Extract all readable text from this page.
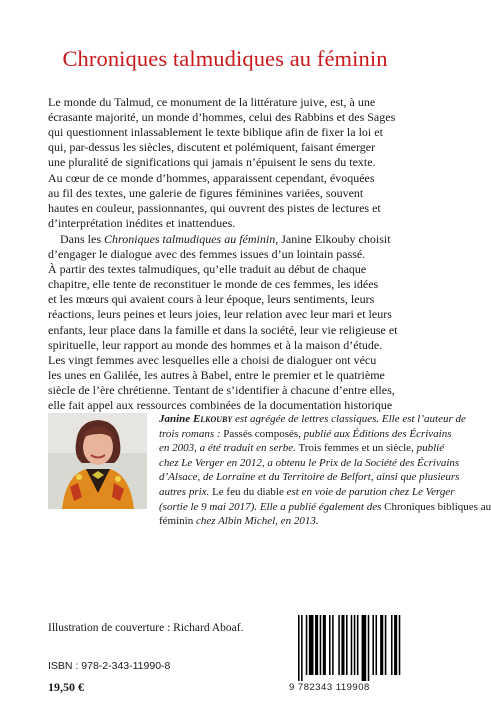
Chroniques talmudiques au féminin
Le monde du Talmud, ce monument de la littérature juive, est, à une
écrasante majorité, un monde d’hommes, celui des Rabbins et des Sages
qui questionnent inlassablement le texte biblique afin de fixer la loi et
qui, par-dessus les siècles, discutent et polémiquent, faisant émerger
une pluralité de significations qui jamais n’épuisent le sens du texte.
Au cœur de ce monde d’hommes, apparaissent cependant, évoquées
au fil des textes, une galerie de figures féminines variées, souvent
hautes en couleur, passionnantes, qui ouvrent des pistes de lectures et
d’interprétation inédites et inattendues.
  Dans les Chroniques talmudiques au féminin, Janine Elkouby choisit
d’engager le dialogue avec des femmes issues d’un lointain passé.
À partir des textes talmudiques, qu’elle traduit au début de chaque
chapitre, elle tente de reconstituer le monde de ces femmes, les idées
et les mœurs qui avaient cours à leur époque, leurs sentiments, leurs
réactions, leurs peines et leurs joies, leur relation avec leur mari et leurs
enfants, leur place dans la famille et dans la société, leur vie religieuse et
spirituelle, leur rapport au monde des hommes et à la maison d’étude.
Les vingt femmes avec lesquelles elle a choisi de dialoguer ont vécu
les unes en Galilée, les autres à Babel, entre le premier et le quatrième
siècle de l’ère chrétienne. Tentant de s’identifier à chacune d’entre elles,
elle fait appel aux ressources combinées de la documentation historique
Janine Elkouby est agrégée de lettres classiques. Elle est l’auteur de
trois romans : Passés composés, publié aux Éditions des Écrivains
en 2003, a été traduit en serbe. Trois femmes et un siècle, publié
chez Le Verger en 2012, a obtenu le Prix de la Société des Écrivains
d’Alsace, de Lorraine et du Territoire de Belfort, ainsi que plusieurs
autres prix. Le feu du diable est en voie de parution chez Le Verger
(sortie le 9 mai 2017). Elle a publié également des Chroniques bibliques au
féminin chez Albin Michel, en 2013.
Illustration de couverture : Richard Aboaf.
ISBN : 978-2-343-11990-8
19,50 €	9 782343 119908
